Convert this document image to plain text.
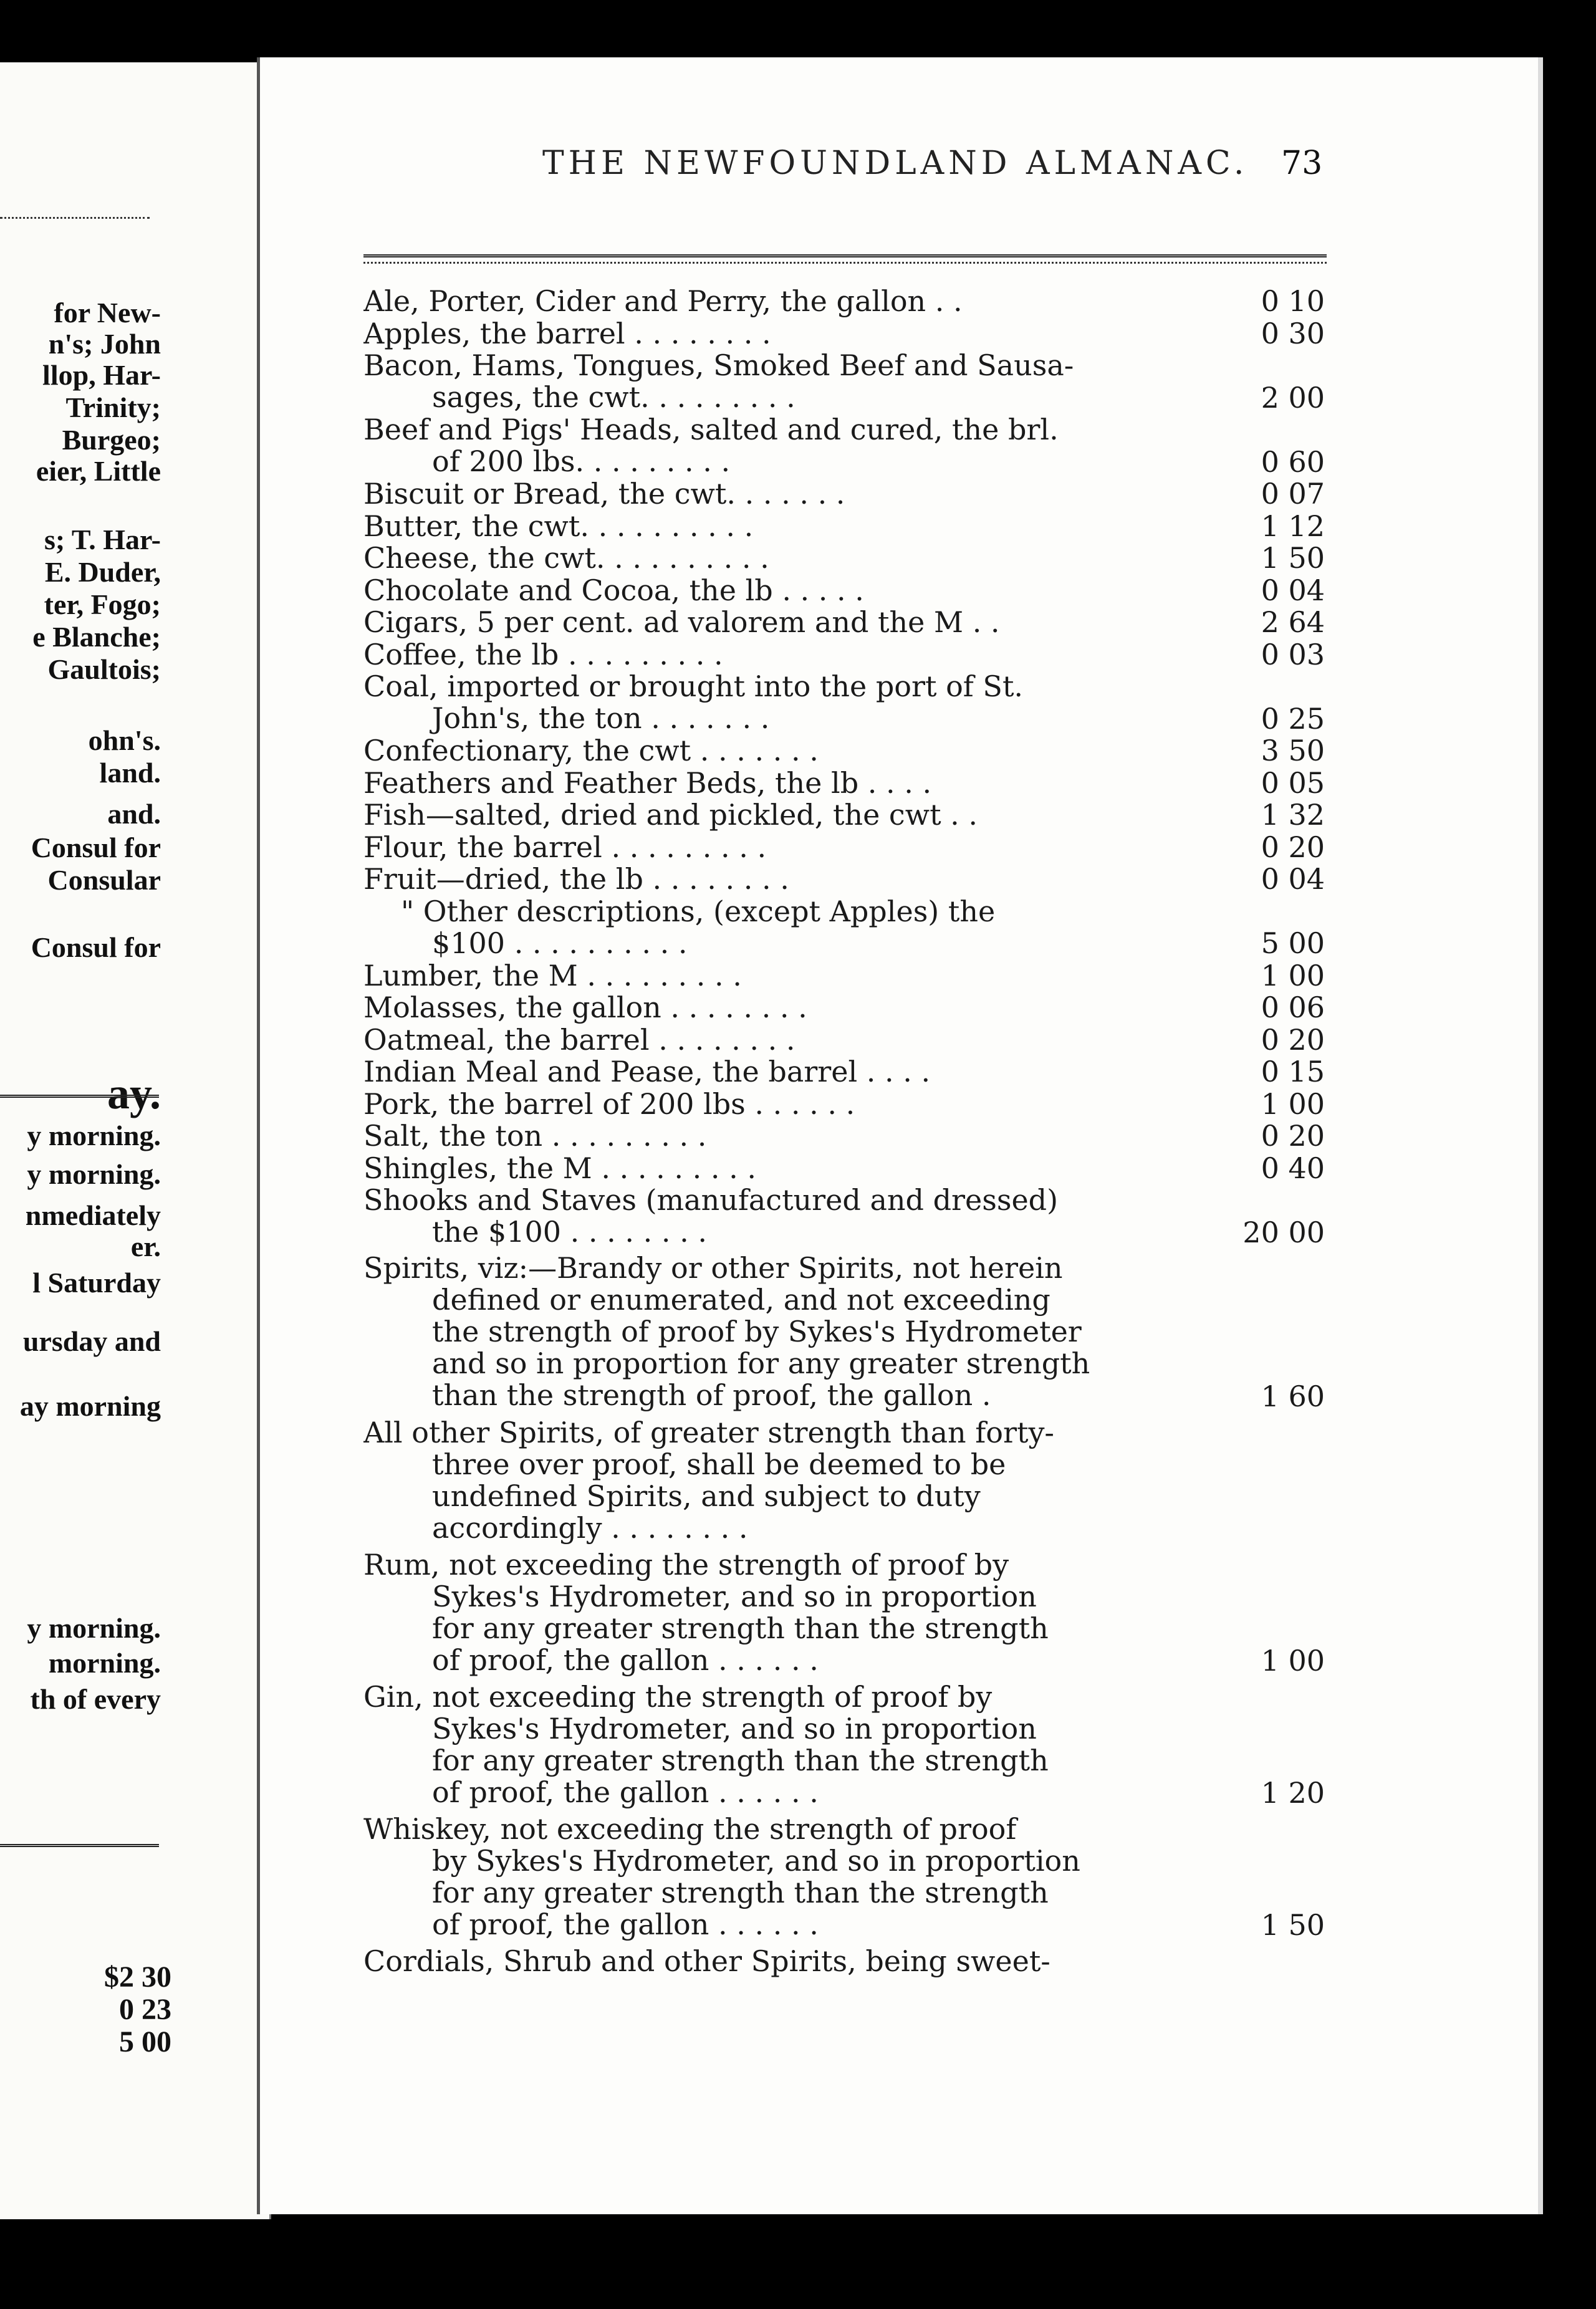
for New-
n's; John
llop, Har-
Trinity;
Burgeo;
eier, Little
s; T. Har-
E. Duder,
ter, Fogo;
e Blanche;
Gaultois;
ohn's.
land.
and.
Consul for
Consular
Consul for
ay.
y morning.
y morning.
nmediately
er.
l Saturday
ursday and
ay morning
y morning.
morning.
th of every
$2 30
0 23
5 00
THE NEWFOUNDLAND ALMANAC. 73
Ale, Porter, Cider and Perry, the gallon . .	0 10
Apples, the barrel . . . . . . . .	0 30
Bacon, Hams, Tongues, Smoked Beef and Sausa-
sages, the cwt. . . . . . . . .	2 00
Beef and Pigs' Heads, salted and cured, the brl.
of 200 lbs. . . . . . . . .	0 60
Biscuit or Bread, the cwt. . . . . . .	0 07
Butter, the cwt. . . . . . . . . .	1 12
Cheese, the cwt. . . . . . . . . .	1 50
Chocolate and Cocoa, the lb . . . . .	0 04
Cigars, 5 per cent. ad valorem and the M . .	2 64
Coffee, the lb . . . . . . . . .	0 03
Coal, imported or brought into the port of St.
John's, the ton . . . . . . .	0 25
Confectionary, the cwt . . . . . . .	3 50
Feathers and Feather Beds, the lb . . . .	0 05
Fish—salted, dried and pickled, the cwt . .	1 32
Flour, the barrel . . . . . . . . .	0 20
Fruit—dried, the lb . . . . . . . .	0 04
" Other descriptions, (except Apples) the
$100 . . . . . . . . . .	5 00
Lumber, the M . . . . . . . . .	1 00
Molasses, the gallon . . . . . . . .	0 06
Oatmeal, the barrel . . . . . . . .	0 20
Indian Meal and Pease, the barrel . . . .	0 15
Pork, the barrel of 200 lbs . . . . . .	1 00
Salt, the ton . . . . . . . . .	0 20
Shingles, the M . . . . . . . . .	0 40
Shooks and Staves (manufactured and dressed)
the $100 . . . . . . . .	20 00
Spirits, viz:—Brandy or other Spirits, not herein
defined or enumerated, and not exceeding
the strength of proof by Sykes's Hydrometer
and so in proportion for any greater strength
than the strength of proof, the gallon .	1 60
All other Spirits, of greater strength than forty-
three over proof, shall be deemed to be
undefined Spirits, and subject to duty
accordingly . . . . . . . .
Rum, not exceeding the strength of proof by
Sykes's Hydrometer, and so in proportion
for any greater strength than the strength
of proof, the gallon . . . . . .	1 00
Gin, not exceeding the strength of proof by
Sykes's Hydrometer, and so in proportion
for any greater strength than the strength
of proof, the gallon . . . . . .	1 20
Whiskey, not exceeding the strength of proof
by Sykes's Hydrometer, and so in proportion
for any greater strength than the strength
of proof, the gallon . . . . . .	1 50
Cordials, Shrub and other Spirits, being sweet-
